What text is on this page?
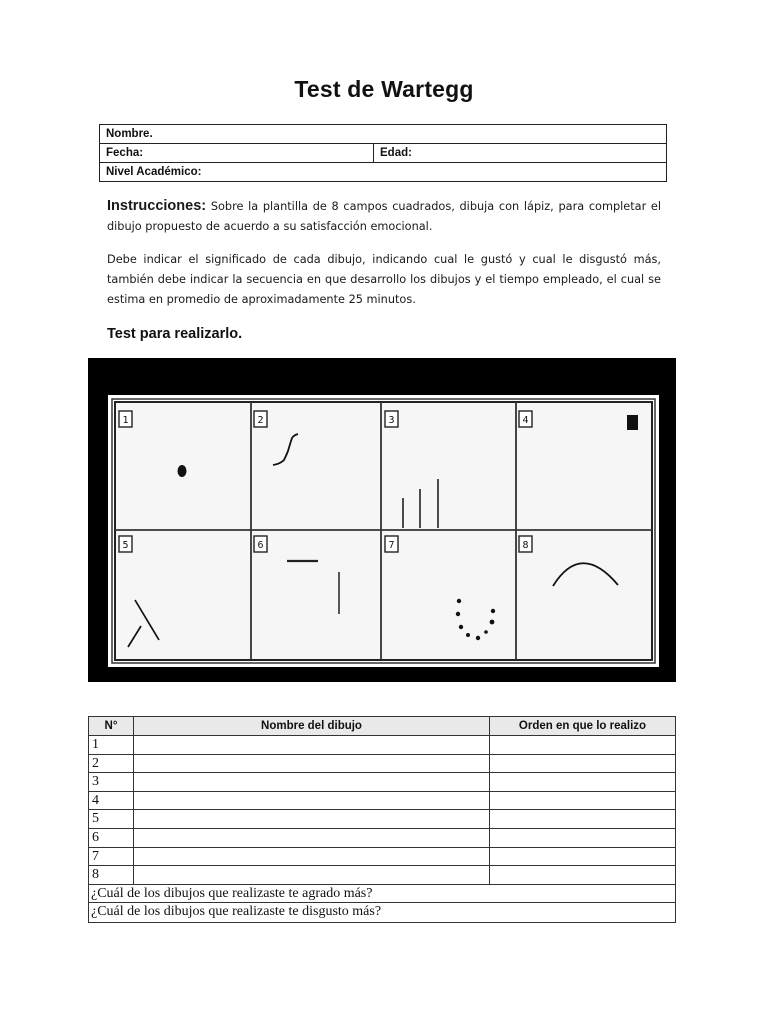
Test de Wartegg
Nombre.
Fecha:	Edad:
Nivel Académico:
Instrucciones: Sobre la plantilla de 8 campos cuadrados, dibuja con lápiz, para completar el dibujo propuesto de acuerdo a su satisfacción emocional.
Debe indicar el significado de cada dibujo, indicando cual le gustó y cual le disgustó más, también debe indicar la secuencia en que desarrollo los dibujos y el tiempo empleado, el cual se estima en promedio de aproximadamente 25 minutos.
Test para realizarlo.
1	2	3	4
5	6	7	8
N°	Nombre del dibujo	Orden en que lo realizo
1
2
3
4
5
6
7
8
¿Cuál de los dibujos que realizaste te agrado más?
¿Cuál de los dibujos que realizaste te disgusto más?
